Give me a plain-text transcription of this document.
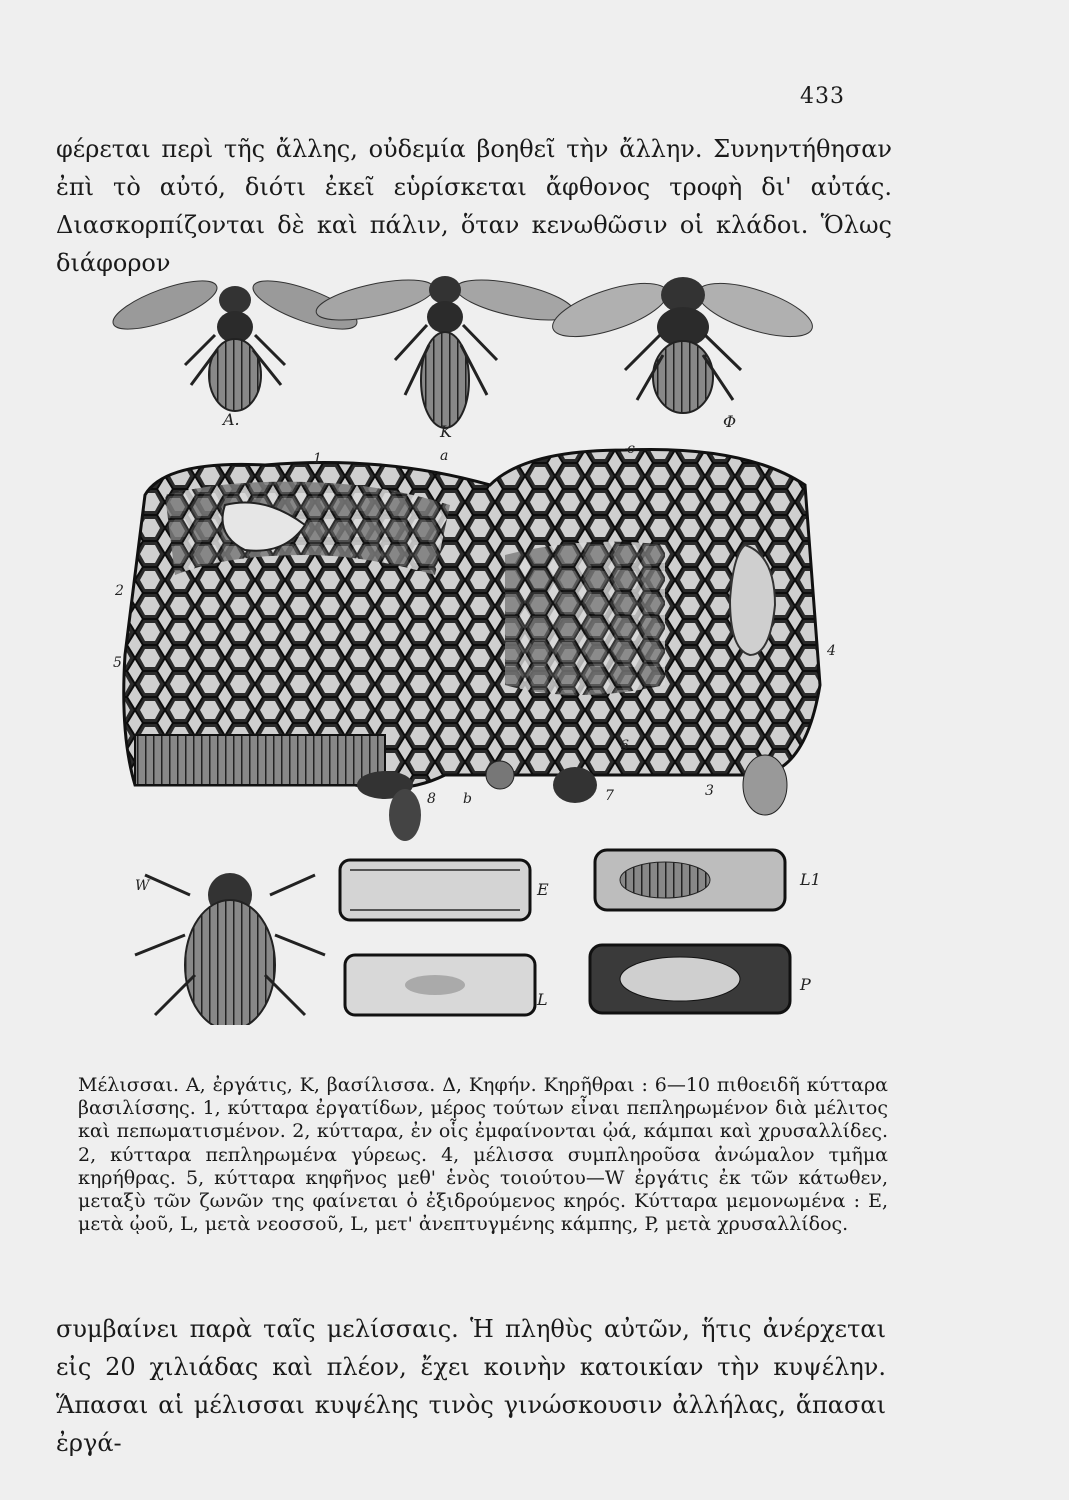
433

φέρεται περὶ τῆς ἄλλης, οὐδεμία βοηθεῖ τὴν ἄλλην. Συνηντήθησαν ἐπὶ τὸ αὐτό, διότι ἐκεῖ εὑρίσκεται ἄφθονος τροφὴ δι' αὐτάς. Διασκορπίζονται δὲ καὶ πάλιν, ὅταν κενωθῶσιν οἱ κλάδοι. Ὅλως διάφορον

A.
K
Φ
1	a	c
2
5
4
8 b	7	3
6
W	E
L
L1
P

Μέλισσαι. Α, ἐργάτις, Κ, βασίλισσα. Δ, Κηφήν. Κηρῆθραι : 6—10 πιθοειδῆ κύτταρα βασιλίσσης. 1, κύτταρα ἐργατίδων, μέρος τούτων εἶναι πεπληρωμένον διὰ μέλιτος καὶ πεπωματισμένον. 2, κύτταρα, ἐν οἷς ἐμφαίνονται ᾠά, κάμπαι καὶ χρυσαλλίδες. 2, κύτταρα πεπληρωμένα γύρεως. 4, μέλισσα συμπληροῦσα ἀνώμαλον τμῆμα κηρήθρας. 5, κύτταρα κηφῆνος μεθ' ἑνὸς τοιούτου—W ἐργάτις ἐκ τῶν κάτωθεν, μεταξὺ τῶν ζωνῶν της φαίνεται ὁ ἐξιδρούμενος κηρός. Κύτταρα μεμονωμένα : E, μετὰ ᾠοῦ, L, μετὰ νεοσσοῦ, L, μετ' ἀνεπτυγμένης κάμπης, P, μετὰ χρυσαλλίδος.

συμβαίνει παρὰ ταῖς μελίσσαις. Ἡ πληθὺς αὐτῶν, ἥτις ἀνέρχεται εἰς 20 χιλιάδας καὶ πλέον, ἔχει κοινὴν κατοικίαν τὴν κυψέλην. Ἅπασαι αἱ μέλισσαι κυψέλης τινὸς γινώσκουσιν ἀλλήλας, ἅπασαι ἐργά-
